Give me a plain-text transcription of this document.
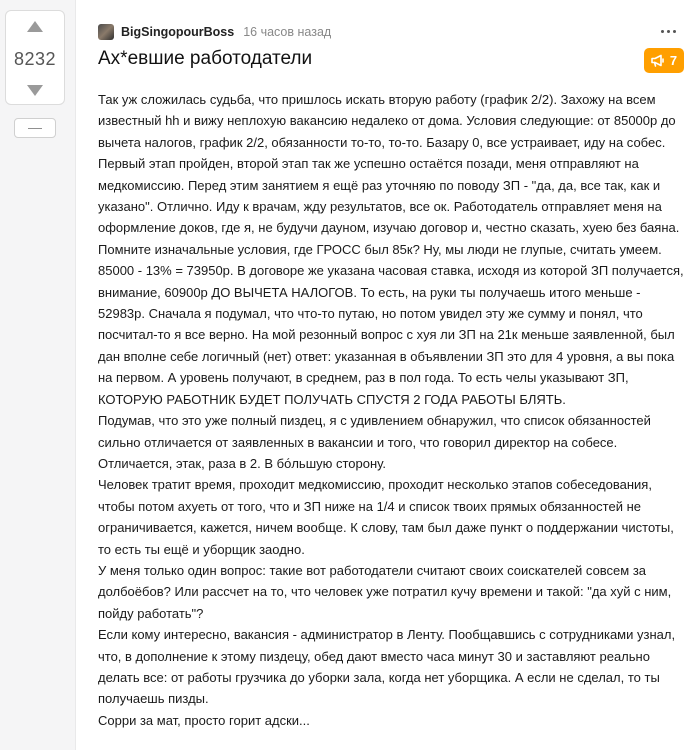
8232
—
BigSingopourBoss 16 часов назад
Ах*евшие работодатели	7

Так уж сложилась судьба, что пришлось искать вторую работу (график 2/2). Захожу на всем известный hh и вижу неплохую вакансию недалеко от дома. Условия следующие: от 85000р до вычета налогов, график 2/2, обязанности то-то, то-то. Базару 0, все устраивает, иду на собес. Первый этап пройден, второй этап так же успешно остаётся позади, меня отправляют на медкомиссию. Перед этим занятием я ещё раз уточняю по поводу ЗП - "да, да, все так, как и указано". Отлично. Иду к врачам, жду результатов, все ок. Работодатель отправляет меня на оформление доков, где я, не будучи дауном, изучаю договор и, честно сказать, хуею без баяна. Помните изначальные условия, где ГРОСС был 85к? Ну, мы люди не глупые, считать умеем. 85000 - 13% = 73950р. В договоре же указана часовая ставка, исходя из которой ЗП получается, внимание, 60900р ДО ВЫЧЕТА НАЛОГОВ. То есть, на руки ты получаешь итого меньше - 52983р. Сначала я подумал, что что-то путаю, но потом увидел эту же сумму и понял, что посчитал-то я все верно. На мой резонный вопрос с хуя ли ЗП на 21к меньше заявленной, был дан вполне себе логичный (нет) ответ: указанная в объявлении ЗП это для 4 уровня, а вы пока на первом. А уровень получают, в среднем, раз в пол года. То есть челы указывают ЗП, КОТОРУЮ РАБОТНИК БУДЕТ ПОЛУЧАТЬ СПУСТЯ 2 ГОДА РАБОТЫ БЛЯТЬ.

Подумав, что это уже полный пиздец, я с удивлением обнаружил, что список обязанностей сильно отличается от заявленных в вакансии и того, что говорил директор на собесе. Отличается, этак, раза в 2. В бо́льшую сторону.

Человек тратит время, проходит медкомиссию, проходит несколько этапов собеседования, чтобы потом ахуеть от того, что и ЗП ниже на 1/4 и список твоих прямых обязанностей не ограничивается, кажется, ничем вообще. К слову, там был даже пункт о поддержании чистоты, то есть ты ещё и уборщик заодно.

У меня только один вопрос: такие вот работодатели считают своих соискателей совсем за долбоёбов? Или рассчет на то, что человек уже потратил кучу времени и такой: "да хуй с ним, пойду работать"?

Если кому интересно, вакансия - администратор в Ленту. Пообщавшись с сотрудниками узнал, что, в дополнение к этому пиздецу, обед дают вместо часа минут 30 и заставляют реально делать все: от работы грузчика до уборки зала, когда нет уборщика. А если не сделал, то ты получаешь пизды.

Сорри за мат, просто горит адски...
